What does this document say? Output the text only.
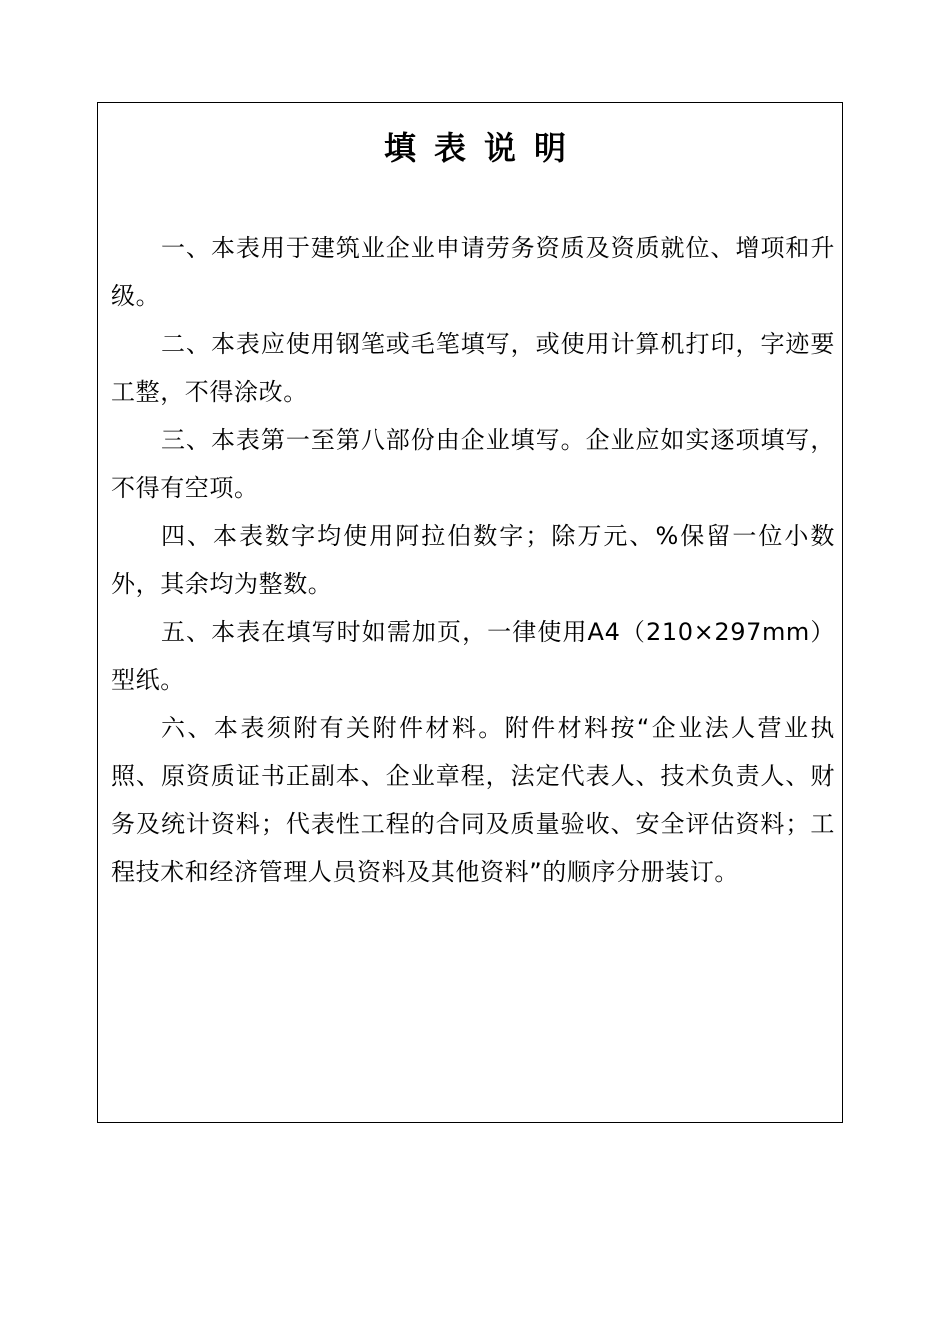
填表说明

一、本表用于建筑业企业申请劳务资质及资质就位、增项和升级。

二、本表应使用钢笔或毛笔填写，或使用计算机打印，字迹要工整，不得涂改。

三、本表第一至第八部份由企业填写。企业应如实逐项填写，不得有空项。

四、本表数字均使用阿拉伯数字；除万元、%保留一位小数外，其余均为整数。

五、本表在填写时如需加页，一律使用A4（210×297mm）型纸。

六、本表须附有关附件材料。附件材料按“企业法人营业执照、原资质证书正副本、企业章程，法定代表人、技术负责人、财务及统计资料；代表性工程的合同及质量验收、安全评估资料；工程技术和经济管理人员资料及其他资料”的顺序分册装订。
